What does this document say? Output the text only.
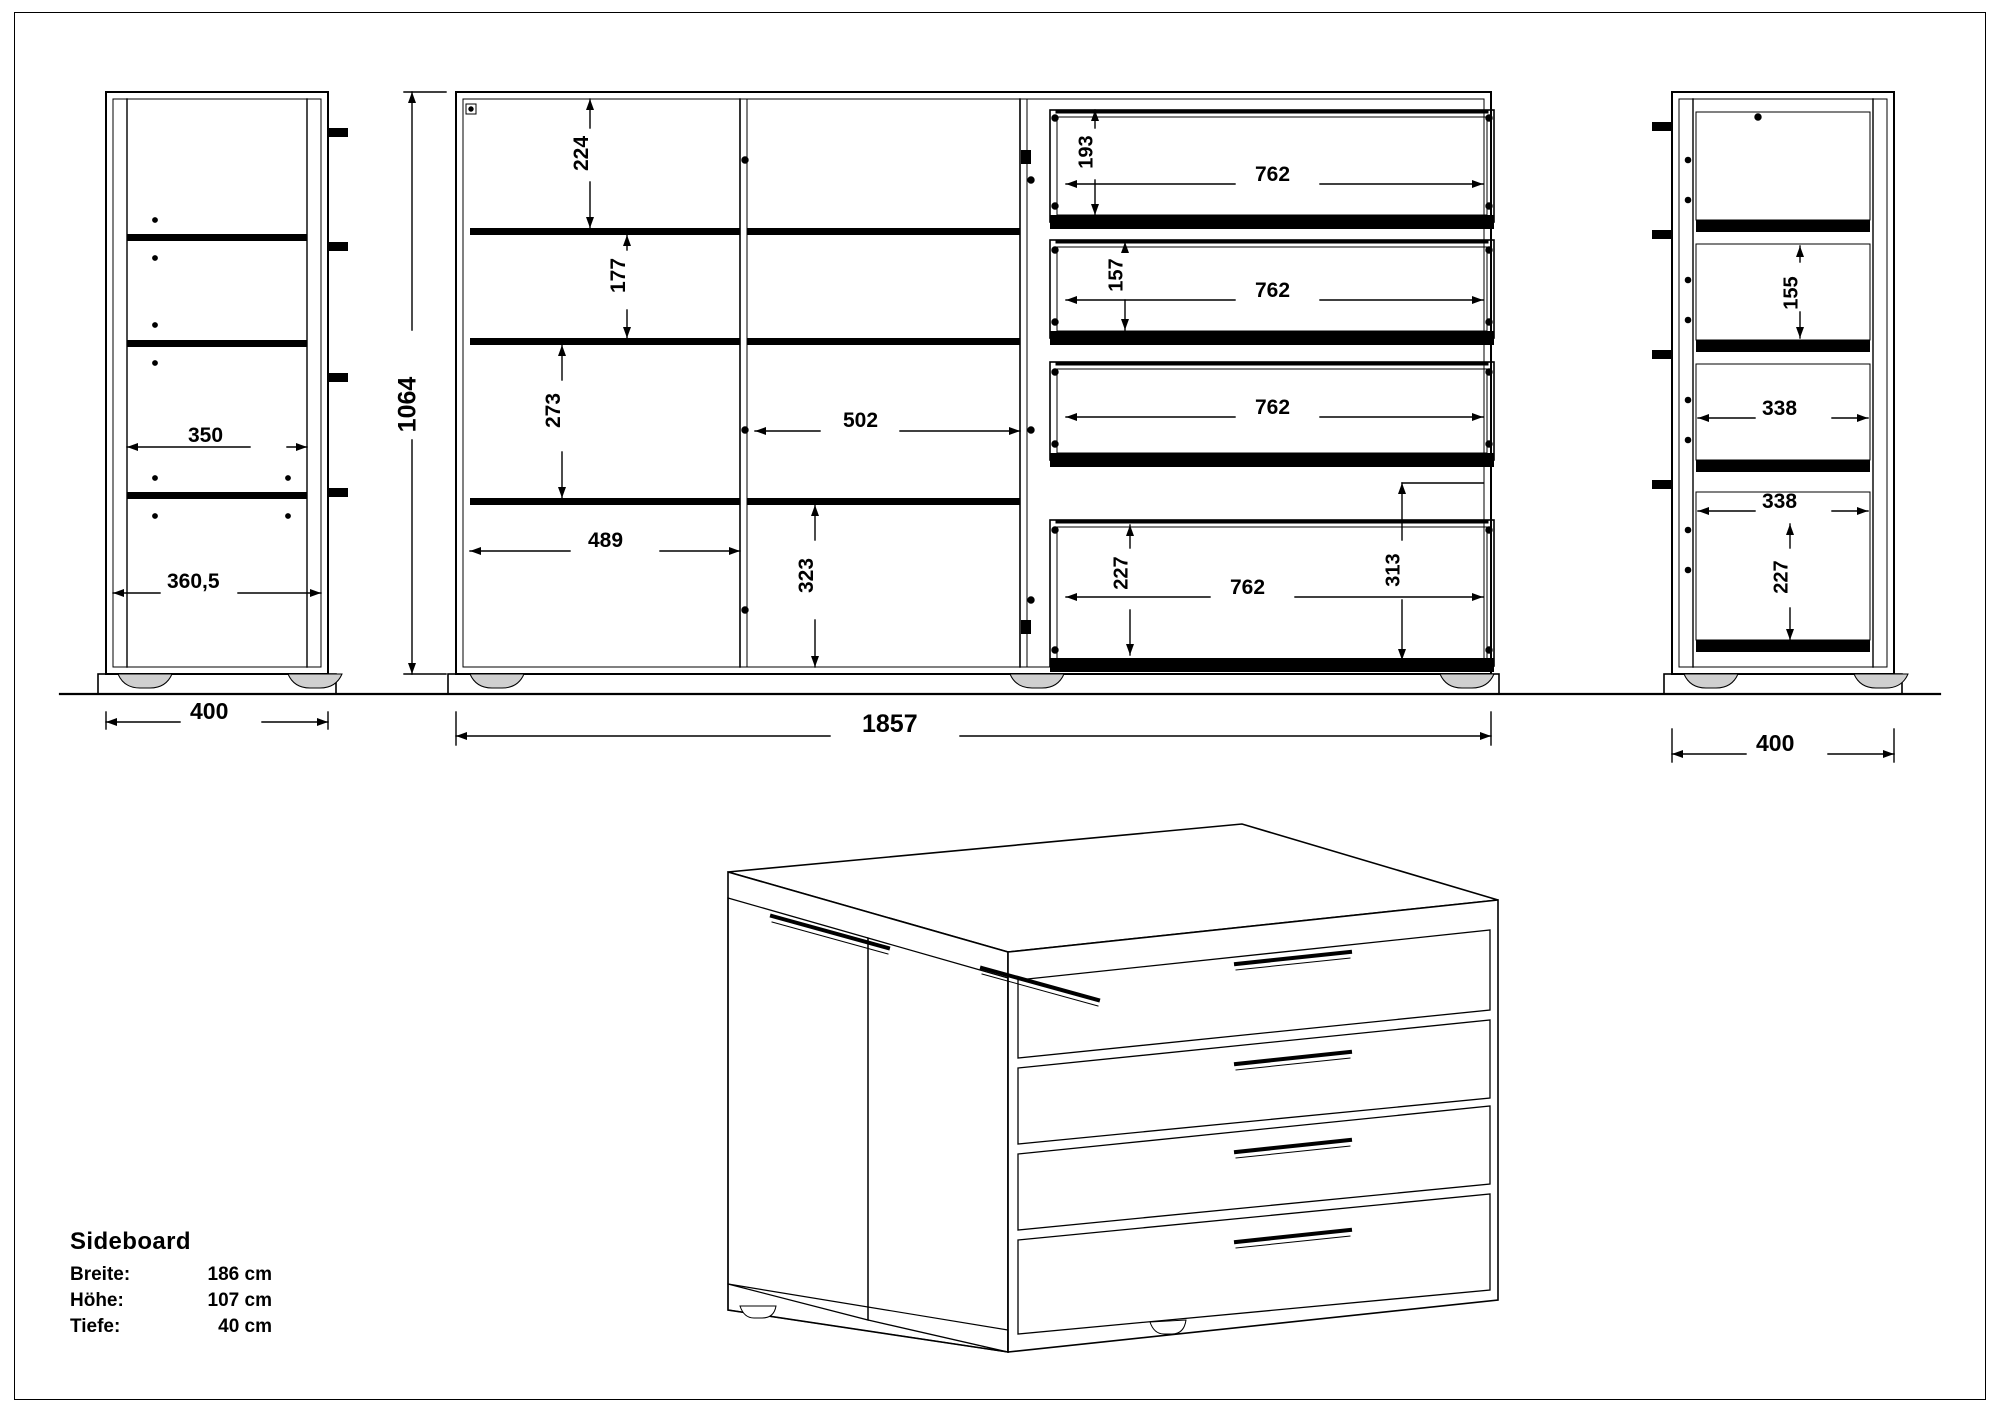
350
360,5
400
1064
224
177
273
489
502
323
193
762
157	762
762
227	762
313
1857
155
338
338
227
400
Sideboard
Breite:	186 cm
Höhe:	107 cm
Tiefe:	40 cm
